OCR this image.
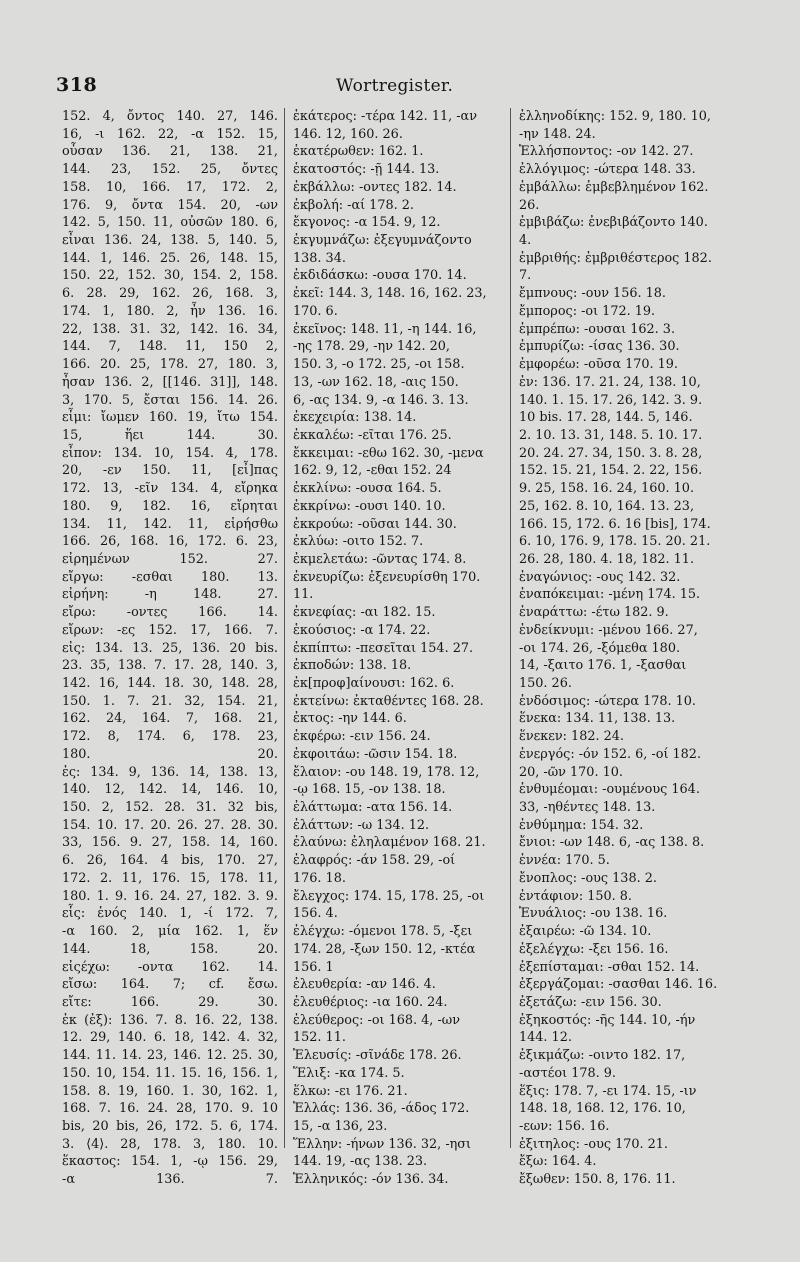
318	Wortregister.
152. 4, ὄντος 140. 27, 146.
16, -ι 162. 22, -α 152. 15,
οὖσαν 136. 21, 138. 21,
144. 23, 152. 25, ὄντες
158. 10, 166. 17, 172. 2,
176. 9, ὄντα 154. 20, -ων
142. 5, 150. 11, οὐσῶν 180. 6,
εἶναι 136. 24, 138. 5, 140. 5,
144. 1, 146. 25. 26, 148. 15,
150. 22, 152. 30, 154. 2, 158.
6. 28. 29, 162. 26, 168. 3,
174. 1, 180. 2, ἦν 136. 16.
22, 138. 31. 32, 142. 16. 34,
144. 7, 148. 11, 150 2,
166. 20. 25, 178. 27, 180. 3,
ἦσαν 136. 2, [[146. 31]], 148.
3, 170. 5, ἔσται 156. 14. 26.
εἶμι: ἴωμεν 160. 19, ἴτω 154.
15, ἥει 144. 30.
εἶπον: 134. 10, 154. 4, 178.
20, -εν 150. 11, [εἶ]πας
172. 13, -εῖν 134. 4, εἴρηκα
180. 9, 182. 16, εἴρηται
134. 11, 142. 11, εἰρήσθω
166. 26, 168. 16, 172. 6. 23,
εἰρημένων 152. 27.
εἴργω: -εσθαι 180. 13.
εἰρήνη: -η 148. 27.
εἴρω: -οντες 166. 14.
εἴρων: -ες 152. 17, 166. 7.
εἰς: 134. 13. 25, 136. 20 bis.
23. 35, 138. 7. 17. 28, 140. 3,
142. 16, 144. 18. 30, 148. 28,
150. 1. 7. 21. 32, 154. 21,
162. 24, 164. 7, 168. 21,
172. 8, 174. 6, 178. 23,
180. 20.
ἐς: 134. 9, 136. 14, 138. 13,
140. 12, 142. 14, 146. 10,
150. 2, 152. 28. 31. 32 bis,
154. 10. 17. 20. 26. 27. 28. 30.
33, 156. 9. 27, 158. 14, 160.
6. 26, 164. 4 bis, 170. 27,
172. 2. 11, 176. 15, 178. 11,
180. 1. 9. 16. 24. 27, 182. 3. 9.
εἷς: ἑνός 140. 1, -ί 172. 7,
-α 160. 2, μία 162. 1, ἕν
144. 18, 158. 20.
εἰςέχω: -οντα 162. 14.
εἴσω: 164. 7; cf. ἔσω.
εἴτε: 166. 29. 30.
ἐκ (ἐξ): 136. 7. 8. 16. 22, 138.
12. 29, 140. 6. 18, 142. 4. 32,
144. 11. 14. 23, 146. 12. 25. 30,
150. 10, 154. 11. 15. 16, 156. 1,
158. 8. 19, 160. 1. 30, 162. 1,
168. 7. 16. 24. 28, 170. 9. 10
bis, 20 bis, 26, 172. 5. 6, 174.
3. ⟨4⟩. 28, 178. 3, 180. 10.
ἕκαστος: 154. 1, -ῳ 156. 29,
-α 136. 7.
ἑκάτερος: -τέρα 142. 11, -αν
146. 12, 160. 26.
ἑκατέρωθεν: 162. 1.
ἑκατοστός: -ῇ 144. 13.
ἐκβάλλω: -οντες 182. 14.
ἐκβολή: -αί 178. 2.
ἔκγονος: -α 154. 9, 12.
ἐκγυμνάζω: ἐξεγυμνάζοντο
138. 34.
ἐκδιδάσκω: -ουσα 170. 14.
ἐκεῖ: 144. 3, 148. 16, 162. 23,
170. 6.
ἐκεῖνος: 148. 11, -η 144. 16,
-ης 178. 29, -ην 142. 20,
150. 3, -ο 172. 25, -οι 158.
13, -ων 162. 18, -αις 150.
6, -ας 134. 9, -α 146. 3. 13.
ἐκεχειρία: 138. 14.
ἐκκαλέω: -εῖται 176. 25.
ἔκκειμαι: -εθω 162. 30, -μενα
162. 9, 12, -εθαι 152. 24
ἐκκλίνω: -ουσα 164. 5.
ἐκκρίνω: -ουσι 140. 10.
ἐκκρούω: -οῦσαι 144. 30.
ἐκλύω: -οιτο 152. 7.
ἐκμελετάω: -ῶντας 174. 8.
ἐκνευρίζω: ἐξενευρίσθη 170.
11.
ἐκνεφίας: -αι 182. 15.
ἑκούσιος: -α 174. 22.
ἐκπίπτω: -πεσεῖται 154. 27.
ἐκποδών: 138. 18.
ἐκ[προφ]αίνουσι: 162. 6.
ἐκτείνω: ἐκταθέντες 168. 28.
ἐκτος: -ην 144. 6.
ἐκφέρω: -ειν 156. 24.
ἐκφοιτάω: -ῶσιν 154. 18.
ἔλαιον: -ου 148. 19, 178. 12,
-ῳ 168. 15, -ον 138. 18.
ἐλάττωμα: -ατα 156. 14.
ἐλάττων: -ω 134. 12.
ἐλαύνω: ἐληλαμένον 168. 21.
ἐλαφρός: -άν 158. 29, -οί
176. 18.
ἔλεγχος: 174. 15, 178. 25, -οι
156. 4.
ἐλέγχω: -όμενοι 178. 5, -ξει
174. 28, -ξων 150. 12, -κτέα
156. 1
ἐλευθερία: -αν 146. 4.
ἐλευθέριος: -ια 160. 24.
ἐλεύθερος: -οι 168. 4, -ων
152. 11.
Ἐλευσίς: -σῖνάδε 178. 26.
Ἕλιξ: -κα 174. 5.
ἕλκω: -ει 176. 21.
Ἑλλάς: 136. 36, -άδος 172.
15, -α 136, 23.
Ἕλλην: -ήνων 136. 32, -ησι
144. 19, -ας 138. 23.
Ἑλληνικός: -όν 136. 34.
ἑλληνοδίκης: 152. 9, 180. 10,
-ην 148. 24.
Ἑλλήσποντος: -ον 142. 27.
ἐλλόγιμος: -ώτερα 148. 33.
ἐμβάλλω: ἐμβεβλημένον 162.
26.
ἐμβιβάζω: ἐνεβιβάζοντο 140.
4.
ἐμβριθής: ἐμβριθέστερος 182.
7.
ἔμπνους: -ουν 156. 18.
ἔμπορος: -οι 172. 19.
ἐμπρέπω: -ουσαι 162. 3.
ἐμπυρίζω: -ίσας 136. 30.
ἐμφορέω: -οῦσα 170. 19.
ἐν: 136. 17. 21. 24, 138. 10,
140. 1. 15. 17. 26, 142. 3. 9.
10 bis. 17. 28, 144. 5, 146.
2. 10. 13. 31, 148. 5. 10. 17.
20. 24. 27. 34, 150. 3. 8. 28,
152. 15. 21, 154. 2. 22, 156.
9. 25, 158. 16. 24, 160. 10.
25, 162. 8. 10, 164. 13. 23,
166. 15, 172. 6. 16 [bis], 174.
6. 10, 176. 9, 178. 15. 20. 21.
26. 28, 180. 4. 18, 182. 11.
ἐναγώνιος: -ους 142. 32.
ἐναπόκειμαι: -μένη 174. 15.
ἐναράττω: -έτω 182. 9.
ἐνδείκνυμι: -μένου 166. 27,
-οι 174. 26, -ξόμεθα 180.
14, -ξαιτο 176. 1, -ξασθαι
150. 26.
ἐνδόσιμος: -ώτερα 178. 10.
ἕνεκα: 134. 11, 138. 13.
ἕνεκεν: 182. 24.
ἐνεργός: -όν 152. 6, -οί 182.
20, -ῶν 170. 10.
ἐνθυμέομαι: -ουμένους 164.
33, -ηθέντες 148. 13.
ἐνθύμημα: 154. 32.
ἔνιοι: -ων 148. 6, -ας 138. 8.
ἐννέα: 170. 5.
ἔνοπλος: -ους 138. 2.
ἐντάφιον: 150. 8.
Ἐνυάλιος: -ου 138. 16.
ἐξαιρέω: -ῶ 134. 10.
ἐξελέγχω: -ξει 156. 16.
ἐξεπίσταμαι: -σθαι 152. 14.
ἐξεργάζομαι: -σασθαι 146. 16.
ἐξετάζω: -ειν 156. 30.
ἐξηκοστός: -ῆς 144. 10, -ήν
144. 12.
ἐξικμάζω: -οιντο 182. 17,
-αστέοι 178. 9.
ἕξις: 178. 7, -ει 174. 15, -ιν
148. 18, 168. 12, 176. 10,
-εων: 156. 16.
ἐξιτηλος: -ους 170. 21.
ἔξω: 164. 4.
ἔξωθεν: 150. 8, 176. 11.
